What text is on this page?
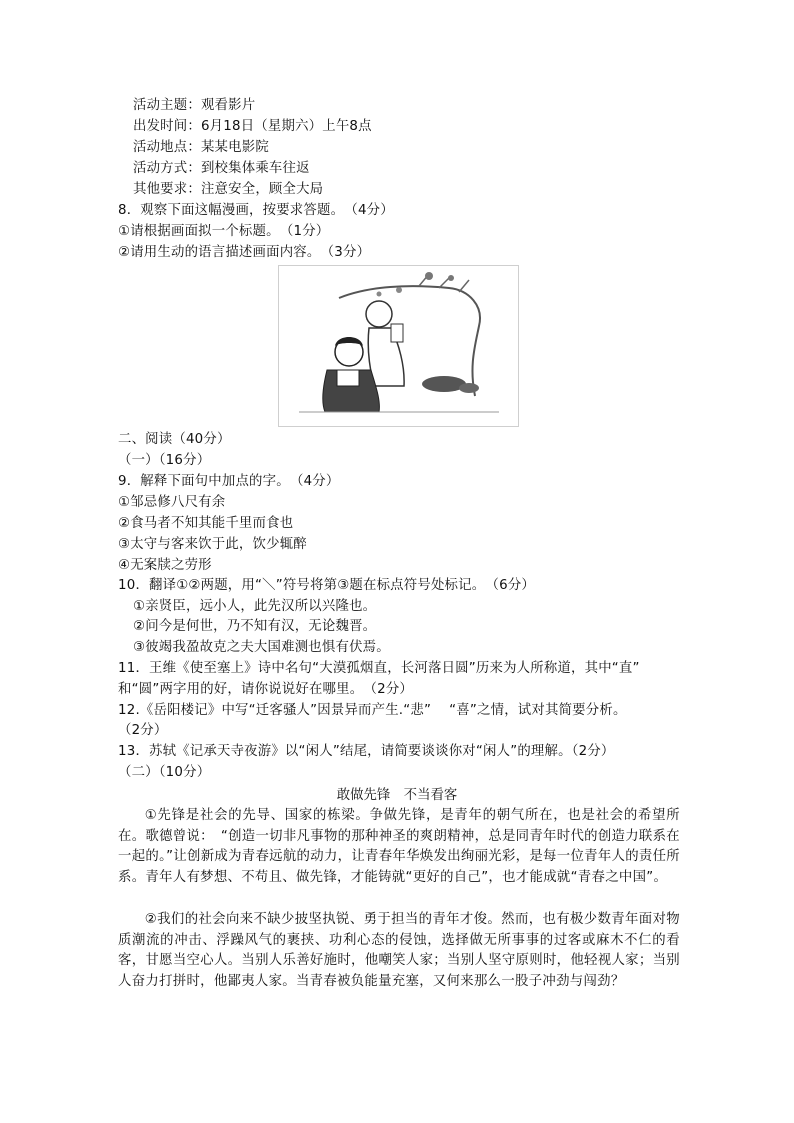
活动主题：观看影片
出发时间：6月18日（星期六）上午8点
活动地点：某某电影院
活动方式：到校集体乘车往返
其他要求：注意安全，顾全大局
8．观察下面这幅漫画，按要求答题。　（4分）
①请根据画面拟一个标题。　（1分）
②请用生动的语言描述画面内容。　（3分）
二、阅读（40分）
（一）（16分）
9．解释下面句中加点的字。　（4分）
①邹忌修八尺有余
②食马者不知其能千里而食也
③太守与客来饮于此，饮少辄醉
④无案牍之劳形
10．翻译①②两题，用“＼”符号将第③题在标点符号处标记。　（6分）
①亲贤臣，远小人，此先汉所以兴隆也。
②问今是何世，乃不知有汉，无论魏晋。
③彼竭我盈故克之夫大国难测也惧有伏焉。
11．王维《使至塞上》诗中名句“大漠孤烟直，长河落日圆”历来为人所称道，其中“直”
和“圆”两字用的好，请你说说好在哪里。　（2分）
12.《岳阳楼记》中写“迁客骚人”因景异而产生.“悲”　 “喜”之情，试对其简要分析。
（2分）
13．苏轼《记承天寺夜游》以“闲人”结尾，请简要谈谈你对“闲人”的理解。（2分）
（二）（10分）
敢做先锋　不当看客
①先锋是社会的先导、国家的栋梁。争做先锋，是青年的朝气所在，也是社会的希望所在。歌德曾说：　“创造一切非凡事物的那种神圣的爽朗精神，总是同青年时代的创造力联系在一起的。”让创新成为青春远航的动力，让青春年华焕发出绚丽光彩，是每一位青年人的责任所系。青年人有梦想、不苟且、做先锋，才能铸就“更好的自己”，也才能成就“青春之中国”。
②我们的社会向来不缺少披坚执锐、勇于担当的青年才俊。然而，也有极少数青年面对物质潮流的冲击、浮躁风气的裹挟、功利心态的侵蚀，选择做无所事事的过客或麻木不仁的看客，甘愿当空心人。当别人乐善好施时，他嘲笑人家；当别人坚守原则时，他轻视人家；当别人奋力打拼时，他鄙夷人家。当青春被负能量充塞，又何来那么一股子冲劲与闯劲？
